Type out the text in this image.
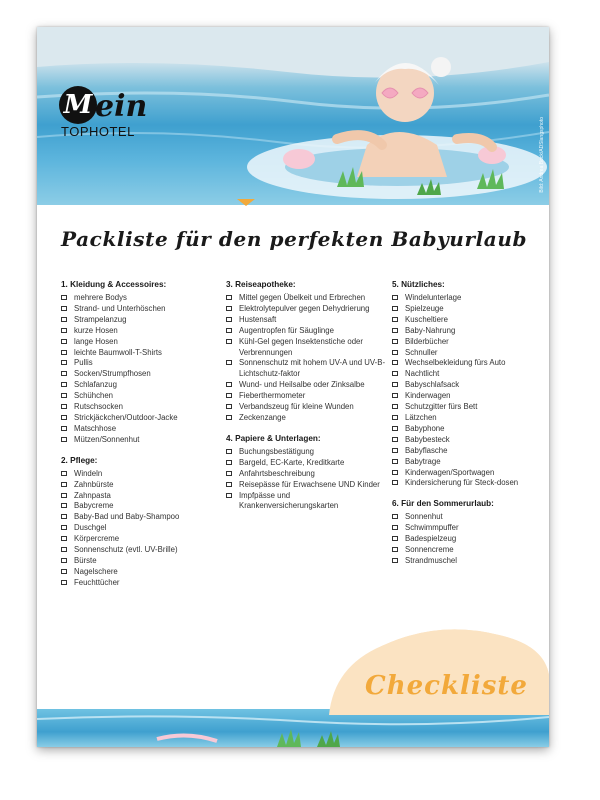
M ein
TOPHOTEL	Bild: Andrea Bock/ADSlangsphoto
Packliste für den perfekten Babyurlaub
1. Kleidung & Accessoires:
mehrere Bodys
Strand- und Unterhöschen
Strampelanzug
kurze Hosen
lange Hosen
leichte Baumwoll-T-Shirts
Pullis
Socken/Strumpfhosen
Schlafanzug
Schühchen
Rutschsocken
Strickjäckchen/Outdoor-Jacke
Matschhose
Mützen/Sonnenhut
2. Pflege:
Windeln
Zahnbürste
Zahnpasta
Babycreme
Baby-Bad und Baby-Shampoo
Duschgel
Körpercreme
Sonnenschutz (evtl. UV-Brille)
Bürste
Nagelschere
Feuchttücher
3. Reiseapotheke:
Mittel gegen Übelkeit und Erbrechen
Elektrolytepulver gegen Dehydrierung
Hustensaft
Augentropfen für Säuglinge
Kühl-Gel gegen Insektenstiche oder Verbrennungen
Sonnenschutz mit hohem UV-A und UV-B-Lichtschutz-faktor
Wund- und Heilsalbe oder Zinksalbe
Fieberthermometer
Verbandszeug für kleine Wunden
Zeckenzange
4. Papiere & Unterlagen:
Buchungsbestätigung
Bargeld, EC-Karte, Kreditkarte
Anfahrtsbeschreibung
Reisepässe für Erwachsene UND Kinder
Impfpässe und Krankenversicherungskarten
5. Nützliches:
Windelunterlage
Spielzeuge
Kuscheltiere
Baby-Nahrung
Bilderbücher
Schnuller
Wechselbekleidung fürs Auto
Nachtlicht
Babyschlafsack
Kinderwagen
Schutzgitter fürs Bett
Lätzchen
Babyphone
Babybesteck
Babyflasche
Babytrage
Kinderwagen/Sportwagen
Kindersicherung für Steck-dosen
6. Für den Sommerurlaub:
Sonnenhut
Schwimmpuffer
Badespielzeug
Sonnencreme
Strandmuschel
Checkliste
